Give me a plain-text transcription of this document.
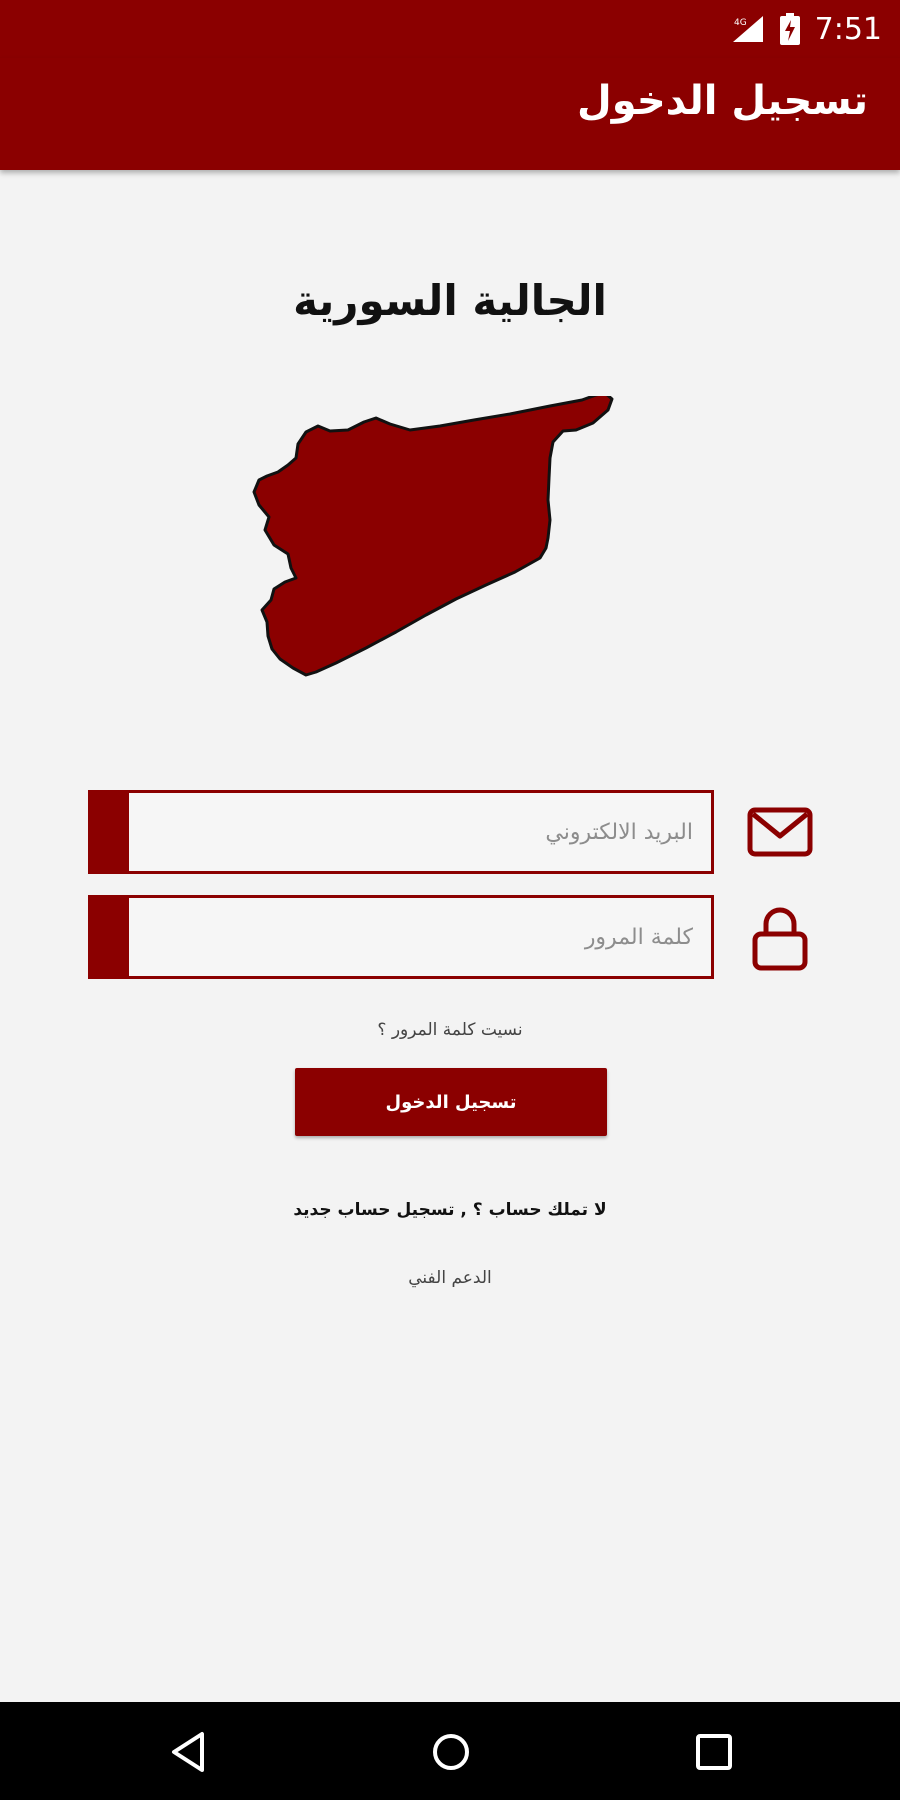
4G 7:51
تسجيل الدخول
الجالية السورية
البريد الالكتروني
نسيت كلمة المرور ؟
تسجيل الدخول
لا تملك حساب ؟ , تسجيل حساب جديد
الدعم الفني
